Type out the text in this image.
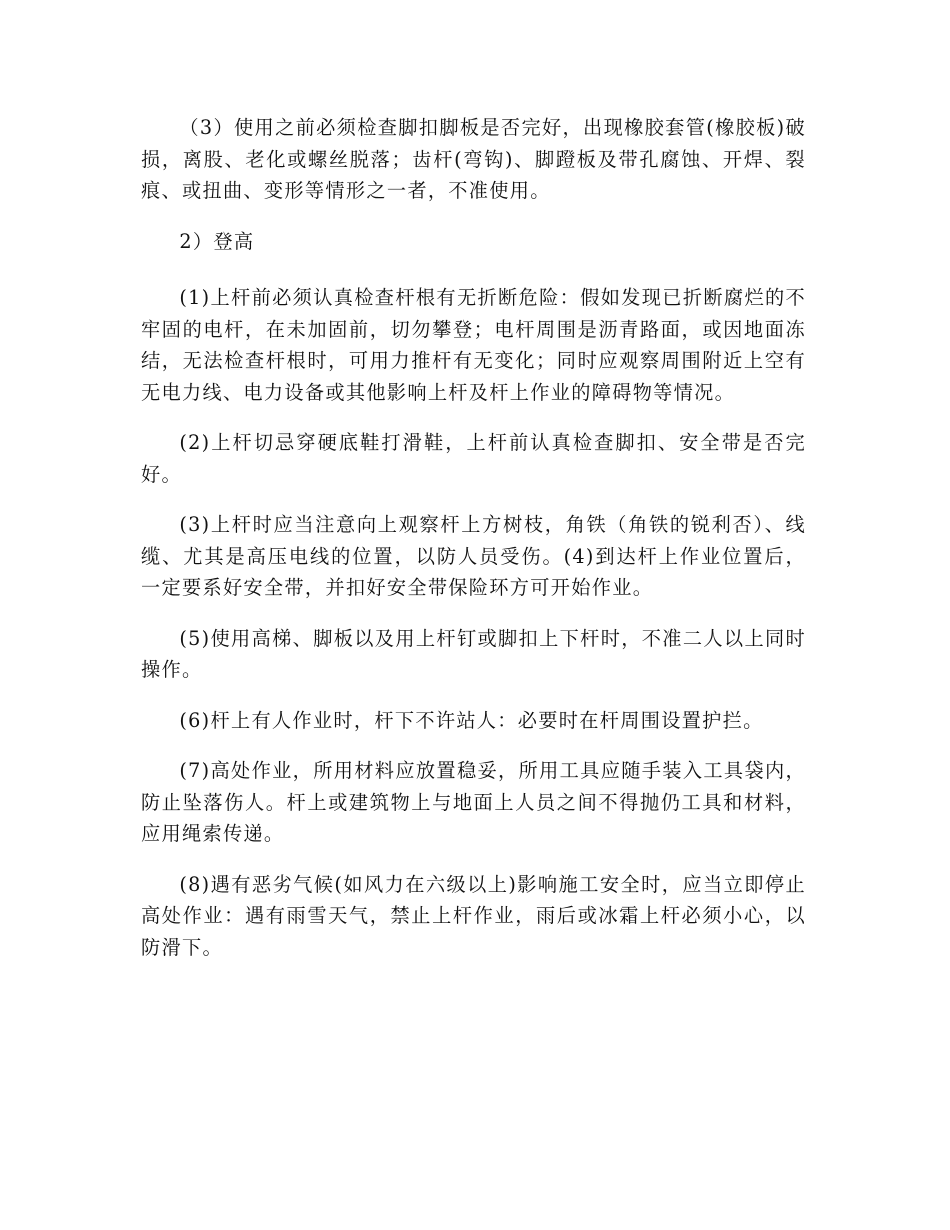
（3）使用之前必须检查脚扣脚板是否完好，出现橡胶套管(橡胶板)破损，离股、老化或螺丝脱落；齿杆(弯钩)、脚蹬板及带孔腐蚀、开焊、裂痕、或扭曲、变形等情形之一者，不准使用。

2）登高

(1)上杆前必须认真检查杆根有无折断危险：假如发现已折断腐烂的不牢固的电杆，在未加固前，切勿攀登；电杆周围是沥青路面，或因地面冻结，无法检查杆根时，可用力推杆有无变化；同时应观察周围附近上空有无电力线、电力设备或其他影响上杆及杆上作业的障碍物等情况。

(2)上杆切忌穿硬底鞋打滑鞋，上杆前认真检查脚扣、安全带是否完好。

(3)上杆时应当注意向上观察杆上方树枝，角铁（角铁的锐利否）、线缆、尤其是高压电线的位置，以防人员受伤。(4)到达杆上作业位置后，一定要系好安全带，并扣好安全带保险环方可开始作业。

(5)使用高梯、脚板以及用上杆钉或脚扣上下杆时，不准二人以上同时操作。

(6)杆上有人作业时，杆下不许站人：必要时在杆周围设置护拦。

(7)高处作业，所用材料应放置稳妥，所用工具应随手装入工具袋内，防止坠落伤人。杆上或建筑物上与地面上人员之间不得抛仍工具和材料，应用绳索传递。

(8)遇有恶劣气候(如风力在六级以上)影响施工安全时，应当立即停止高处作业：遇有雨雪天气，禁止上杆作业，雨后或冰霜上杆必须小心，以防滑下。
